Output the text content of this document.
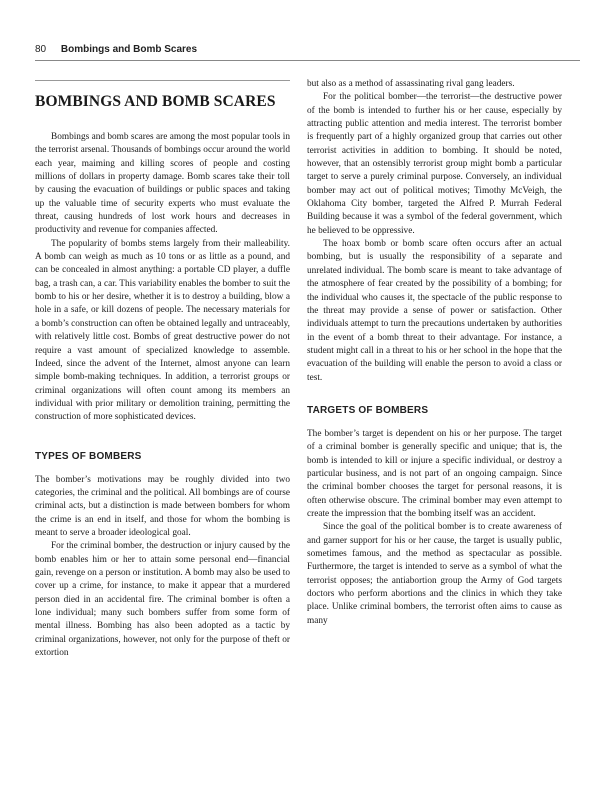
80 Bombings and Bomb Scares
BOMBINGS AND BOMB SCARES

Bombings and bomb scares are among the most popular tools in the terrorist arsenal. Thousands of bombings occur around the world each year, maiming and killing scores of people and costing millions of dollars in property damage. Bomb scares take their toll by causing the evacuation of buildings or public spaces and taking up the valuable time of security experts who must evaluate the threat, causing hundreds of lost work hours and decreases in productivity and revenue for companies affected.

The popularity of bombs stems largely from their malleability. A bomb can weigh as much as 10 tons or as little as a pound, and can be concealed in almost anything: a portable CD player, a duffle bag, a trash can, a car. This variability enables the bomber to suit the bomb to his or her desire, whether it is to destroy a building, blow a hole in a safe, or kill dozens of people. The necessary materials for a bomb’s construction can often be obtained legally and untraceably, with relatively little cost. Bombs of great destructive power do not require a vast amount of specialized knowledge to assemble. Indeed, since the advent of the Internet, almost anyone can learn simple bomb-making techniques. In addition, a terrorist groups or criminal organizations will often count among its members an individual with prior military or demolition training, permitting the construction of more sophisticated devices.

TYPES OF BOMBERS

The bomber’s motivations may be roughly divided into two categories, the criminal and the political. All bombings are of course criminal acts, but a distinction is made between bombers for whom the crime is an end in itself, and those for whom the bombing is meant to serve a broader ideological goal.

For the criminal bomber, the destruction or injury caused by the bomb enables him or her to attain some personal end—financial gain, revenge on a person or institution. A bomb may also be used to cover up a crime, for instance, to make it appear that a murdered person died in an accidental fire. The criminal bomber is often a lone individual; many such bombers suffer from some form of mental illness. Bombing has also been adopted as a tactic by criminal organizations, however, not only for the purpose of theft or extortion

but also as a method of assassinating rival gang leaders.

For the political bomber—the terrorist—the destructive power of the bomb is intended to further his or her cause, especially by attracting public attention and media interest. The terrorist bomber is frequently part of a highly organized group that carries out other terrorist activities in addition to bombing. It should be noted, however, that an ostensibly terrorist group might bomb a particular target to serve a purely criminal purpose. Conversely, an individual bomber may act out of political motives; Timothy McVeigh, the Oklahoma City bomber, targeted the Alfred P. Murrah Federal Building because it was a symbol of the federal government, which he believed to be oppressive.

The hoax bomb or bomb scare often occurs after an actual bombing, but is usually the responsibility of a separate and unrelated individual. The bomb scare is meant to take advantage of the atmosphere of fear created by the possibility of a bombing; for the individual who causes it, the spectacle of the public response to the threat may provide a sense of power or satisfaction. Other individuals attempt to turn the precautions undertaken by authorities in the event of a bomb threat to their advantage. For instance, a student might call in a threat to his or her school in the hope that the evacuation of the building will enable the person to avoid a class or test.

TARGETS OF BOMBERS

The bomber’s target is dependent on his or her purpose. The target of a criminal bomber is generally specific and unique; that is, the bomb is intended to kill or injure a specific individual, or destroy a particular business, and is not part of an ongoing campaign. Since the criminal bomber chooses the target for personal reasons, it is often otherwise obscure. The criminal bomber may even attempt to create the impression that the bombing itself was an accident.

Since the goal of the political bomber is to create awareness of and garner support for his or her cause, the target is usually public, sometimes famous, and the method as spectacular as possible. Furthermore, the target is intended to serve as a symbol of what the terrorist opposes; the antiabortion group the Army of God targets doctors who perform abortions and the clinics in which they take place. Unlike criminal bombers, the terrorist often aims to cause as many
